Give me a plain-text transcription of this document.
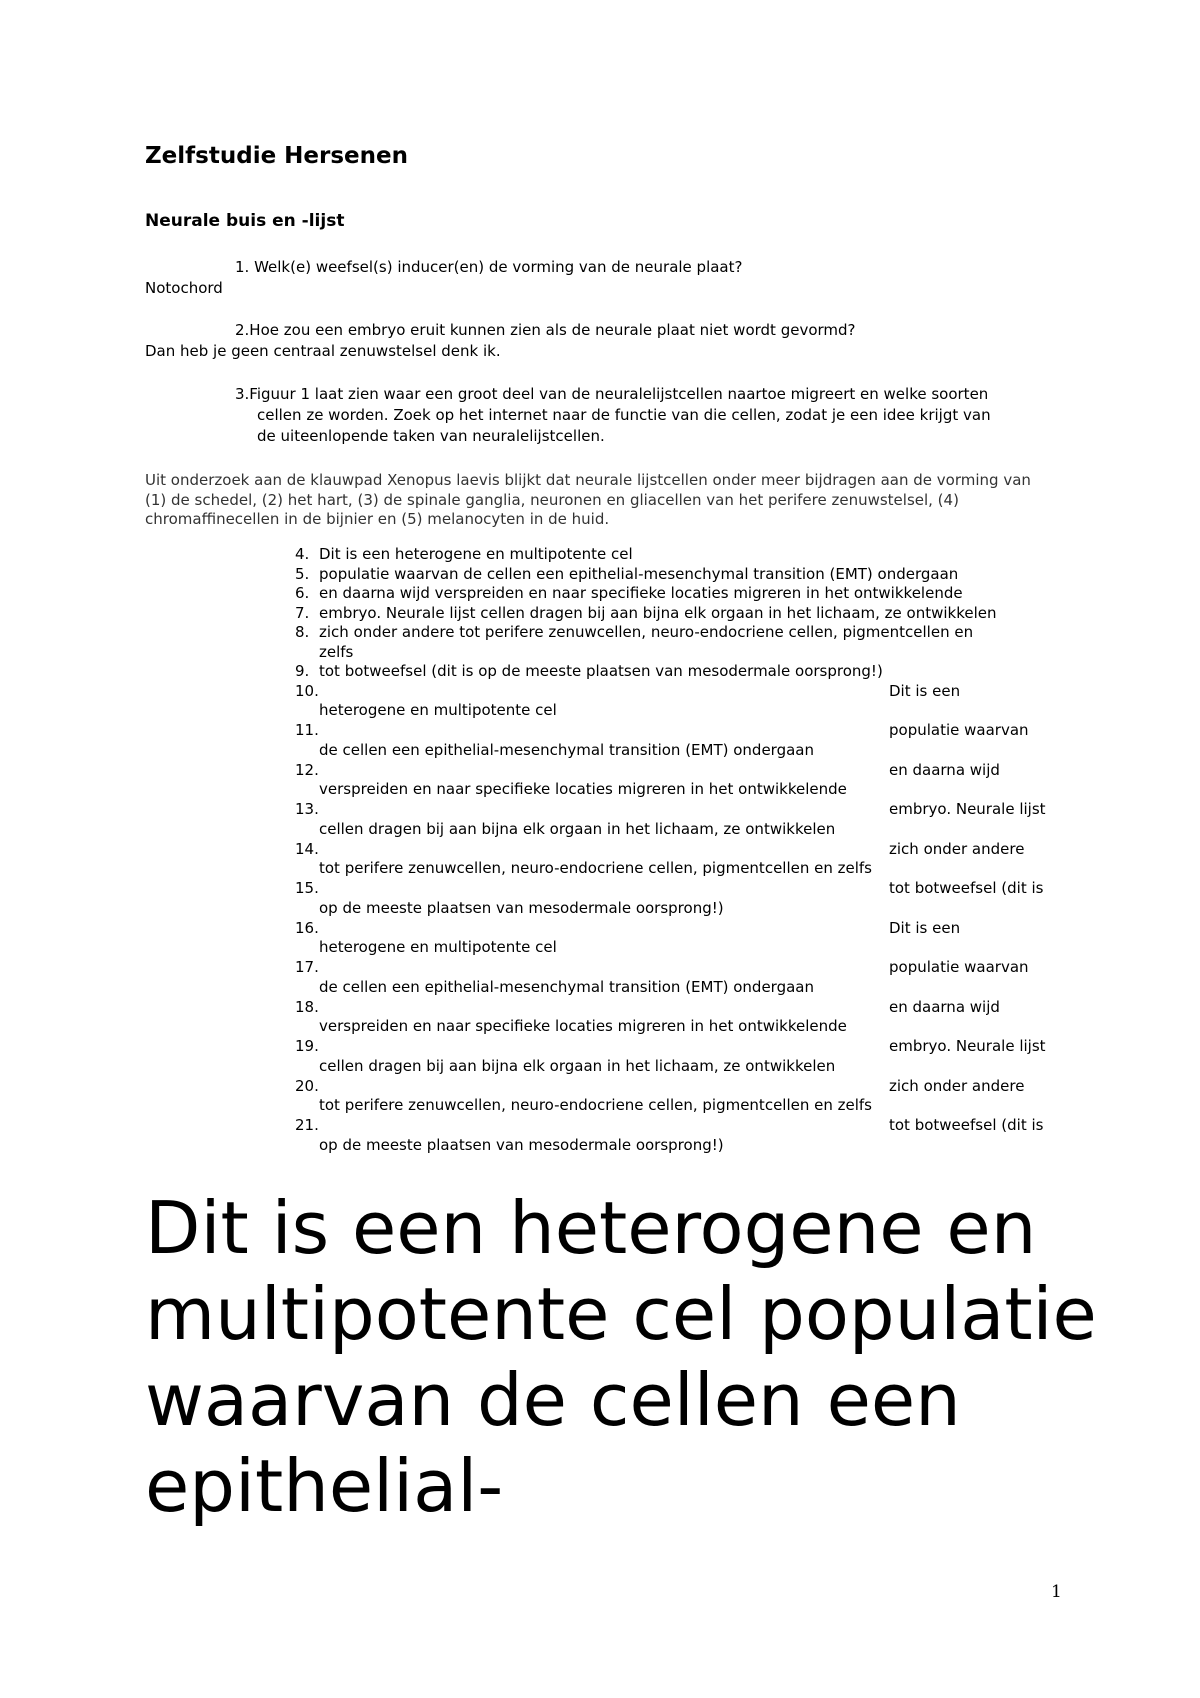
Zelfstudie Hersenen
Neurale buis en -lijst
1. Welk(e) weefsel(s) inducer(en) de vorming van de neurale plaat?
Notochord
2.Hoe zou een embryo eruit kunnen zien als de neurale plaat niet wordt gevormd?
Dan heb je geen centraal zenuwstelsel denk ik.
3.Figuur 1 laat zien waar een groot deel van de neuralelijstcellen naartoe migreert en welke soorten
cellen ze worden. Zoek op het internet naar de functie van die cellen, zodat je een idee krijgt van
de uiteenlopende taken van neuralelijstcellen.
Uit onderzoek aan de klauwpad Xenopus laevis blijkt dat neurale lijstcellen onder meer bijdragen aan de vorming van (1) de schedel, (2) het hart, (3) de spinale ganglia, neuronen en gliacellen van het perifere zenuwstelsel, (4) chromaffinecellen in de bijnier en (5) melanocyten in de huid.
4. Dit is een heterogene en multipotente cel
5. populatie waarvan de cellen een epithelial-mesenchymal transition (EMT) ondergaan
6. en daarna wijd verspreiden en naar specifieke locaties migreren in het ontwikkelende
7. embryo. Neurale lijst cellen dragen bij aan bijna elk orgaan in het lichaam, ze ontwikkelen
8. zich onder andere tot perifere zenuwcellen, neuro-endocriene cellen, pigmentcellen en
zelfs
9. tot botweefsel (dit is op de meeste plaatsen van mesodermale oorsprong!)
10.	Dit is een
heterogene en multipotente cel
11.	populatie waarvan
de cellen een epithelial-mesenchymal transition (EMT) ondergaan
12.	en daarna wijd
verspreiden en naar specifieke locaties migreren in het ontwikkelende
13.	embryo. Neurale lijst
cellen dragen bij aan bijna elk orgaan in het lichaam, ze ontwikkelen
14.	zich onder andere
tot perifere zenuwcellen, neuro-endocriene cellen, pigmentcellen en zelfs
15.	tot botweefsel (dit is
op de meeste plaatsen van mesodermale oorsprong!)
16.	Dit is een
heterogene en multipotente cel
17.	populatie waarvan
de cellen een epithelial-mesenchymal transition (EMT) ondergaan
18.	en daarna wijd
verspreiden en naar specifieke locaties migreren in het ontwikkelende
19.	embryo. Neurale lijst
cellen dragen bij aan bijna elk orgaan in het lichaam, ze ontwikkelen
20.	zich onder andere
tot perifere zenuwcellen, neuro-endocriene cellen, pigmentcellen en zelfs
21.	tot botweefsel (dit is
op de meeste plaatsen van mesodermale oorsprong!)

Dit is een heterogene en multipotente cel populatie waarvan de cellen een epithelial-

1
